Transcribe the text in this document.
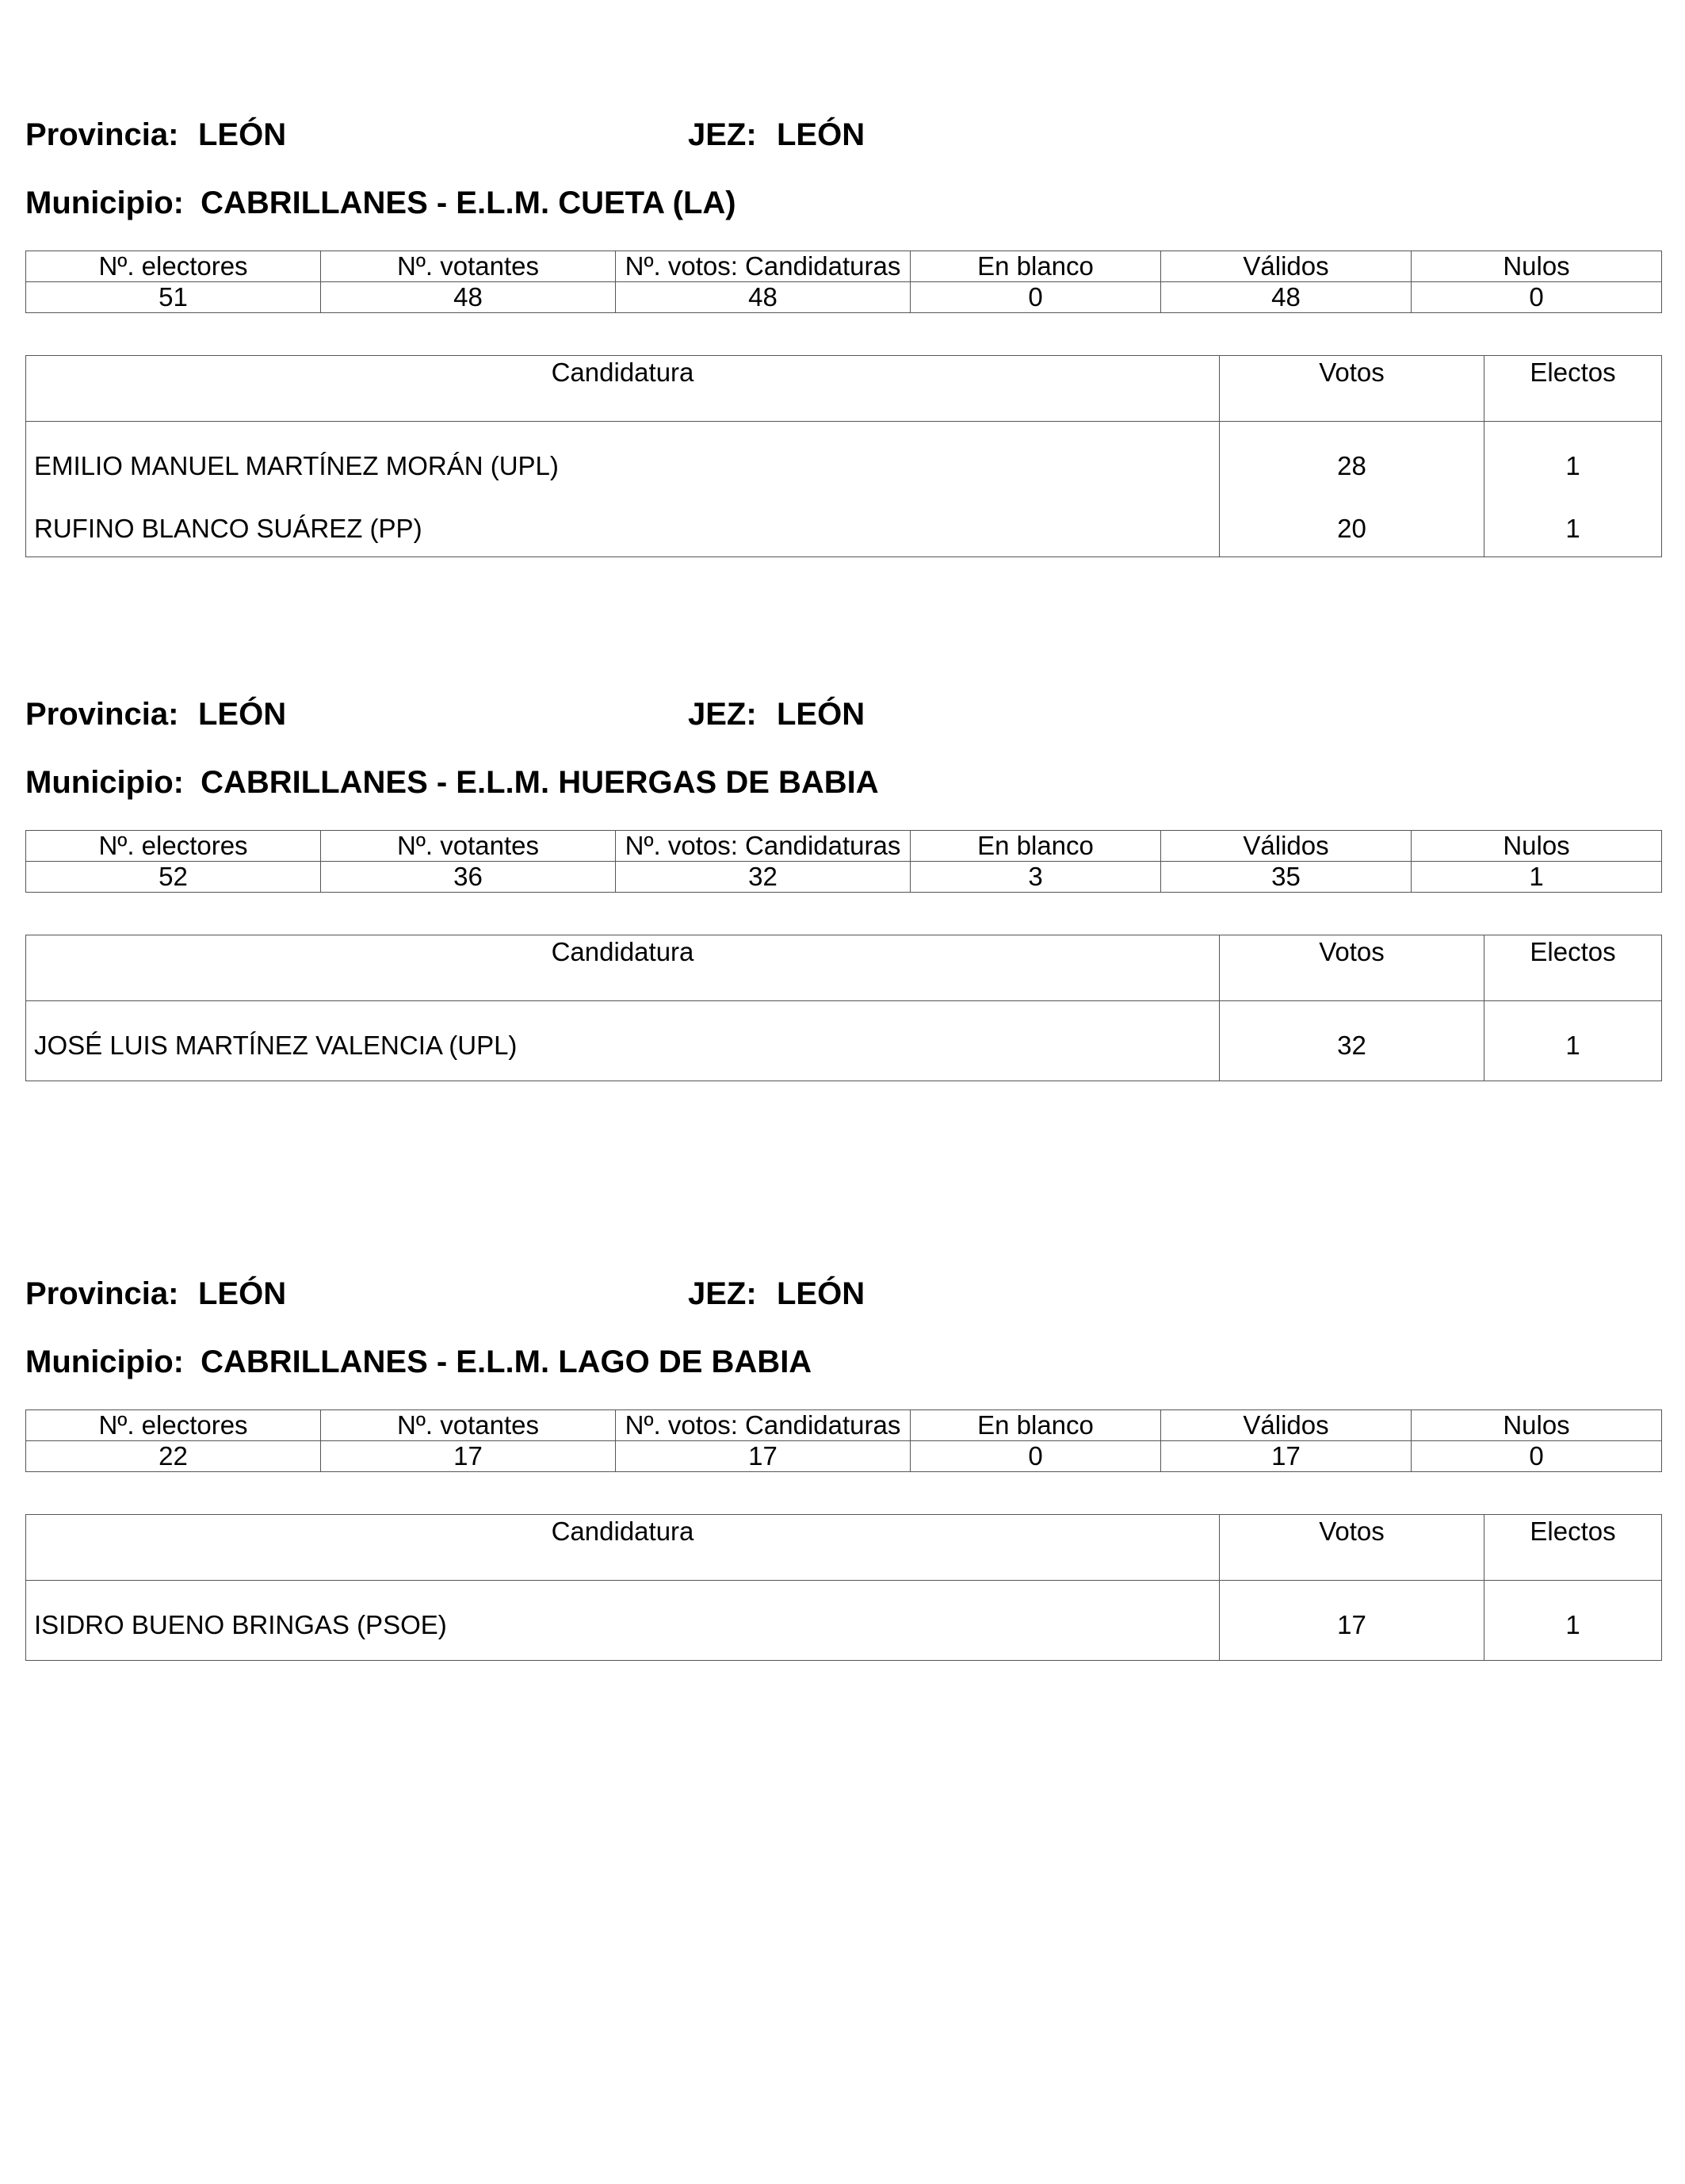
Provincia: LEÓN	JEZ: LEÓN
Municipio: CABRILLANES - E.L.M. CUETA (LA)
Nº. electores	Nº. votantes	Nº. votos: Candidaturas	En blanco	Válidos	Nulos
51	48	48	0	48	0
Candidatura	Votos	Electos
EMILIO MANUEL MARTÍNEZ MORÁN (UPL)	28	1
RUFINO BLANCO SUÁREZ (PP)	20	1
Provincia: LEÓN	JEZ: LEÓN
Municipio: CABRILLANES - E.L.M. HUERGAS DE BABIA
Nº. electores	Nº. votantes	Nº. votos: Candidaturas	En blanco	Válidos	Nulos
52	36	32	3	35	1
Candidatura	Votos	Electos
JOSÉ LUIS MARTÍNEZ VALENCIA (UPL)	32	1
Provincia: LEÓN	JEZ: LEÓN
Municipio: CABRILLANES - E.L.M. LAGO DE BABIA
Nº. electores	Nº. votantes	Nº. votos: Candidaturas	En blanco	Válidos	Nulos
22	17	17	0	17	0
Candidatura	Votos	Electos
ISIDRO BUENO BRINGAS (PSOE)	17	1
